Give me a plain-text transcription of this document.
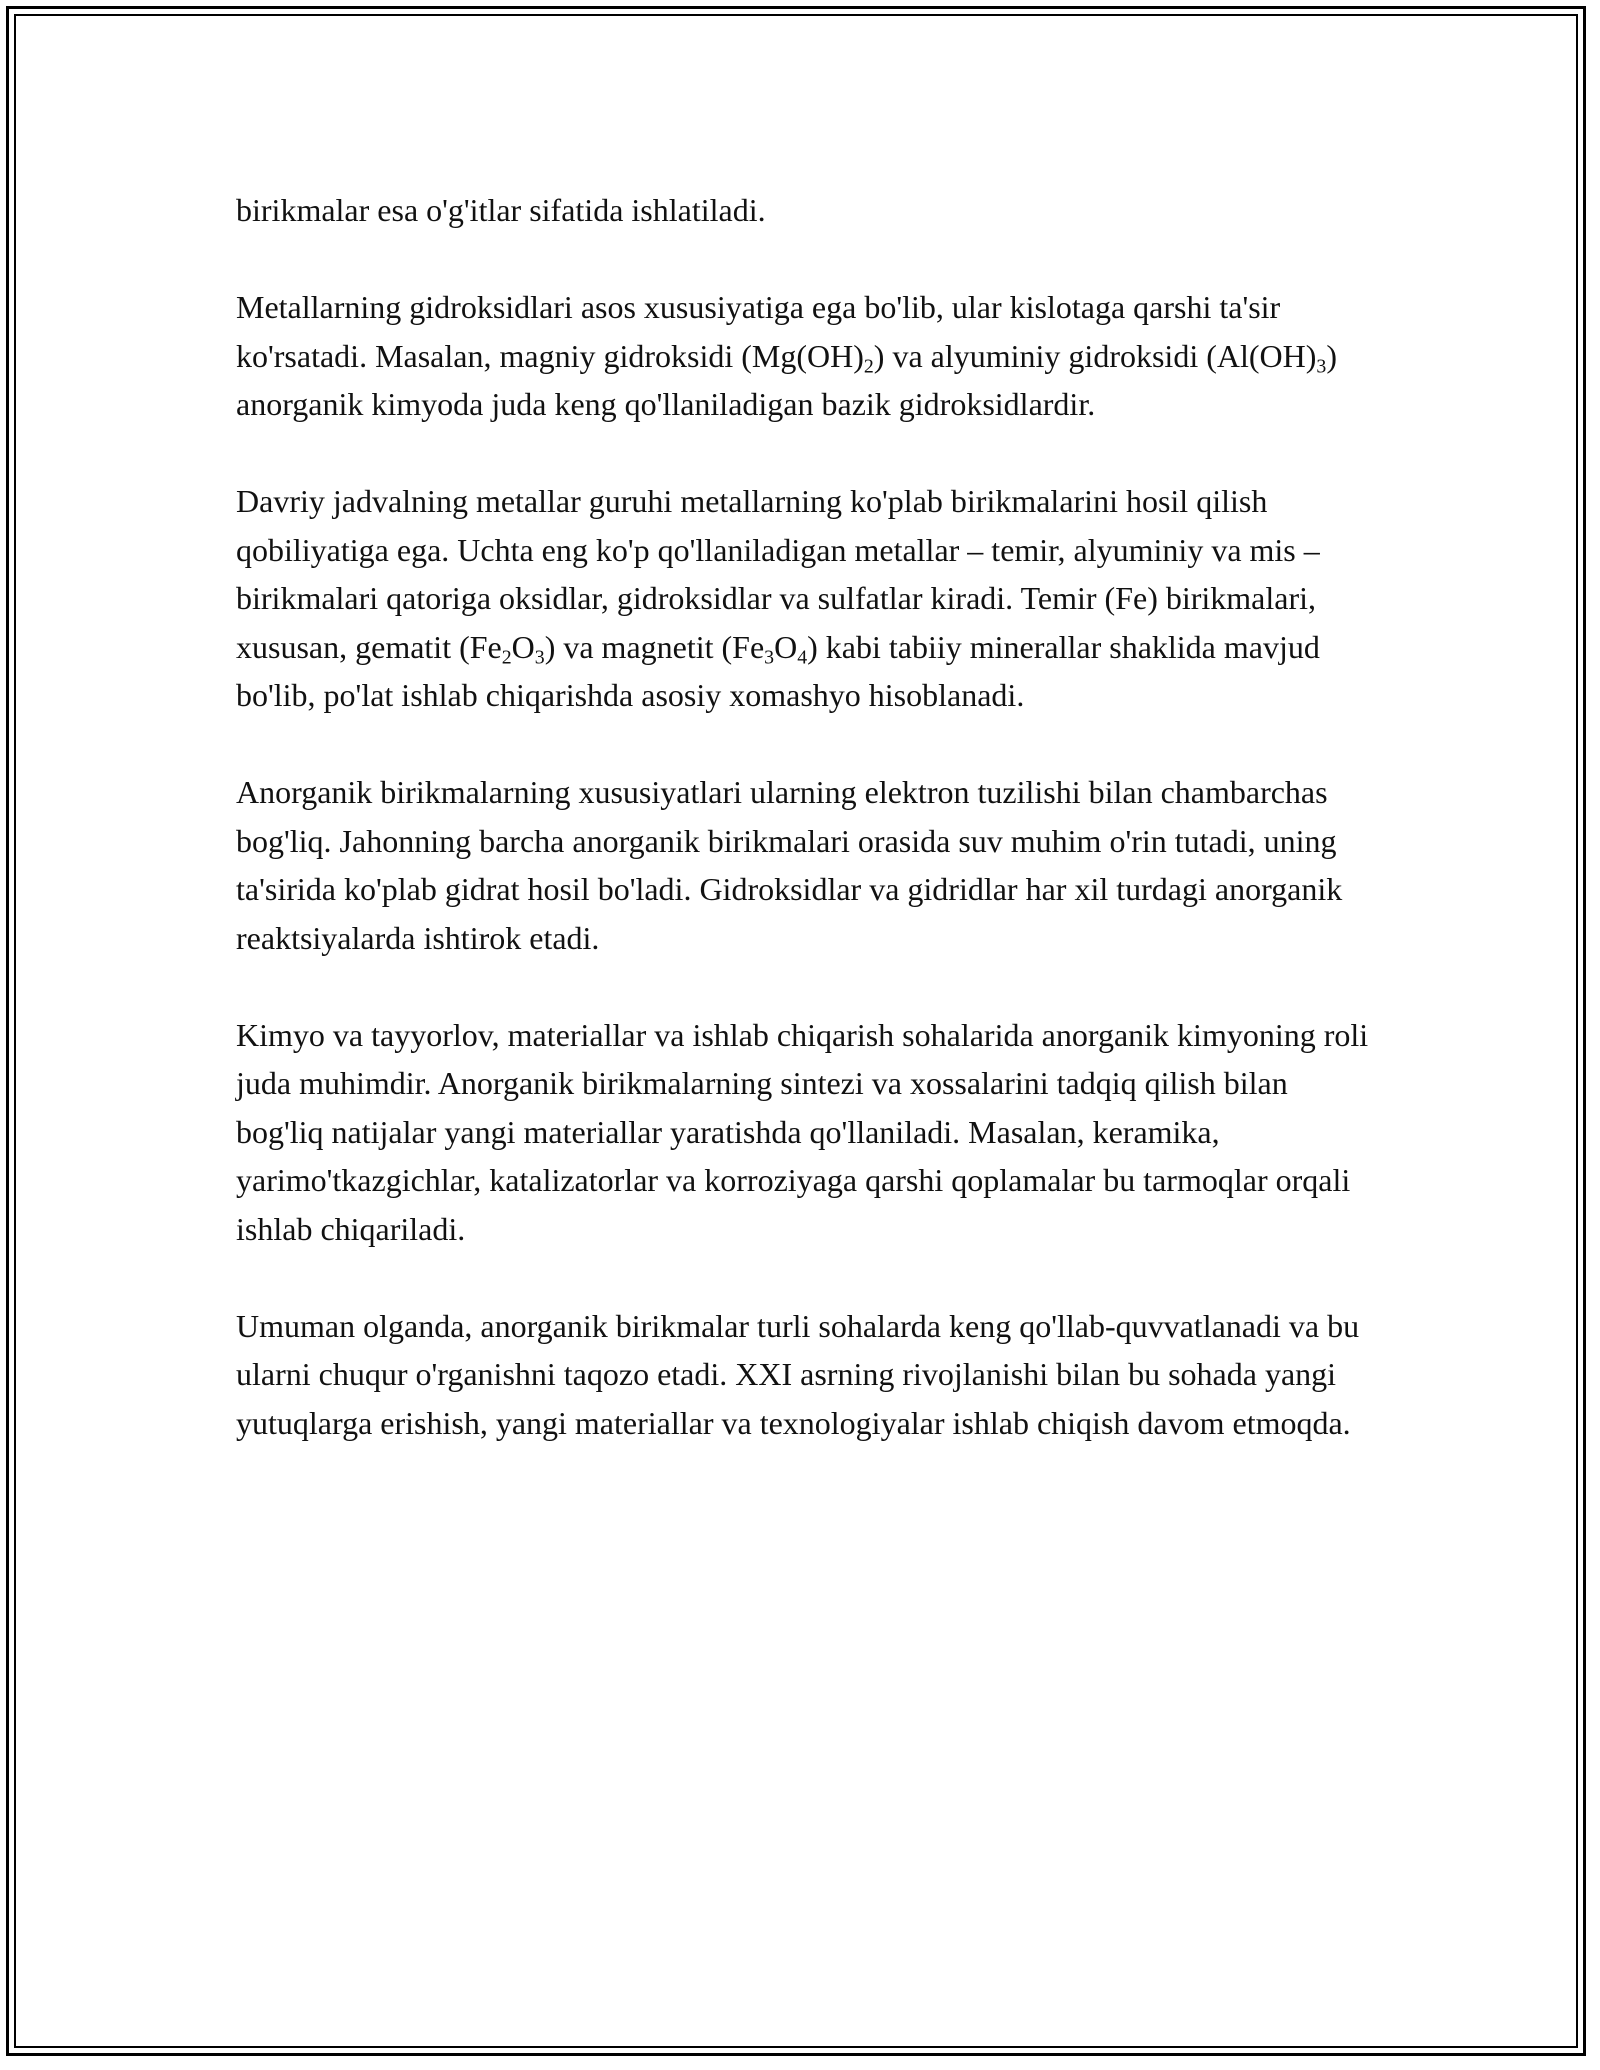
birikmalar esa o'g'itlar sifatida ishlatiladi.

Metallarning gidroksidlari asos xususiyatiga ega bo'lib, ular kislotaga qarshi ta'sir ko'rsatadi. Masalan, magniy gidroksidi $(Mg(OH)_2)$ va alyuminiy gidroksidi $(Al(OH)_3)$ anorganik kimyoda juda keng qo'llaniladigan bazik gidroksidlardir.

Davriy jadvalning metallar guruhi metallarning ko'plab birikmalarini hosil qilish qobiliyatiga ega. Uchta eng ko'p qo'llaniladigan metallar – temir, alyuminiy va mis – birikmalari qatoriga oksidlar, gidroksidlar va sulfatlar kiradi. Temir (Fe) birikmalari, xususan, gematit $(Fe_2O_3)$ va magnetit $(Fe_3O_4)$ kabi tabiiy minerallar shaklida mavjud bo'lib, po'lat ishlab chiqarishda asosiy xomashyo hisoblanadi.

Anorganik birikmalarning xususiyatlari ularning elektron tuzilishi bilan chambarchas bog'liq. Jahonning barcha anorganik birikmalari orasida suv muhim o'rin tutadi, uning ta'sirida ko'plab gidrat hosil bo'ladi. Gidroksidlar va gidridlar har xil turdagi anorganik reaktsiyalarda ishtirok etadi.

Kimyo va tayyorlov, materiallar va ishlab chiqarish sohalarida anorganik kimyoning roli juda muhimdir. Anorganik birikmalarning sintezi va xossalarini tadqiq qilish bilan bog'liq natijalar yangi materiallar yaratishda qo'llaniladi. Masalan, keramika, yarimo'tkazgichlar, katalizatorlar va korroziyaga qarshi qoplamalar bu tarmoqlar orqali ishlab chiqariladi.

Umuman olganda, anorganik birikmalar turli sohalarda keng qo'llab-quvvatlanadi va bu ularni chuqur o'rganishni taqozo etadi. XXI asrning rivojlanishi bilan bu sohada yangi yutuqlarga erishish, yangi materiallar va texnologiyalar ishlab chiqish davom etmoqda.
